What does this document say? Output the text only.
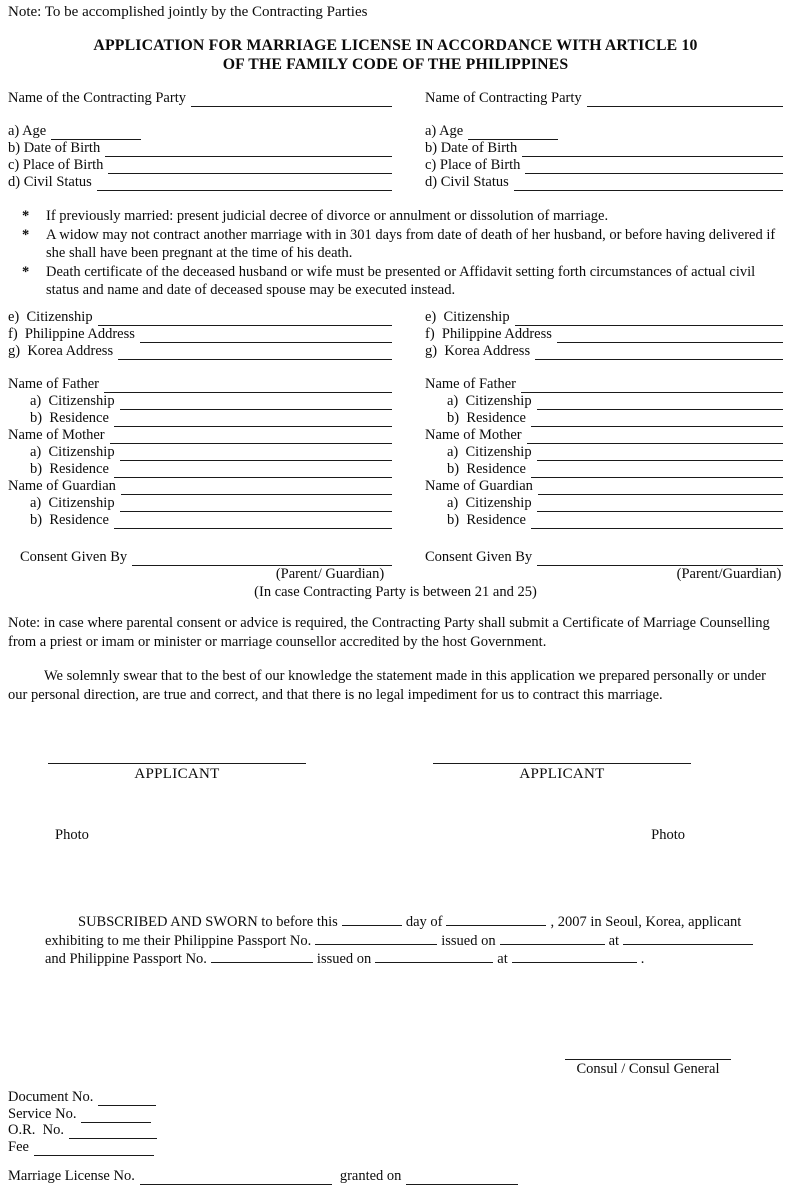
Note: To be accomplished jointly by the Contracting Parties
APPLICATION FOR MARRIAGE LICENSE IN ACCORDANCE WITH ARTICLE 10
OF THE FAMILY CODE OF THE PHILIPPINES
Name of the Contracting Party	Name of Contracting Party
a) Age
b) Date of Birth
c) Place of Birth
d) Civil Status
a) Age
b) Date of Birth
c) Place of Birth
d) Civil Status
* If previously married: present judicial decree of divorce or annulment or dissolution of marriage.
* A widow may not contract another marriage with in 301 days from date of death of her husband, or before having delivered if she shall have been pregnant at the time of his death.
* Death certificate of the deceased husband or wife must be presented or Affidavit setting forth circumstances of actual civil status and name and date of deceased spouse may be executed instead.
e)  Citizenship
f)  Philippine Address
g)  Korea Address
e)  Citizenship
f)  Philippine Address
g)  Korea Address
Name of Father
a)  Citizenship
b)  Residence
Name of Mother
a)  Citizenship
b)  Residence
Name of Guardian
a)  Citizenship
b)  Residence
Name of Father
a)  Citizenship
b)  Residence
Name of Mother
a)  Citizenship
b)  Residence
Name of Guardian
a)  Citizenship
b)  Residence
Consent Given By	Consent Given By
(Parent/ Guardian)	(Parent/Guardian)
(In case Contracting Party is between 21 and 25)
Note: in case where parental consent or advice is required, the Contracting Party shall submit a Certificate of Marriage Counselling from a priest or imam or minister or marriage counsellor accredited by the host Government.
We solemnly swear that to the best of our knowledge the statement made in this application we prepared personally or under our personal direction, are true and correct, and that there is no legal impediment for us to contract this marriage.
APPLICANT	APPLICANT
Photo	Photo
SUBSCRIBED AND SWORN to before this	day of	, 2007 in Seoul, Korea, applicant
exhibiting to me their Philippine Passport No.	issued on	at
and Philippine Passport No.	issued on	at	.
Consul / Consul General
Document No.
Service No.
O.R.  No.
Fee
Marriage License No.	granted on
